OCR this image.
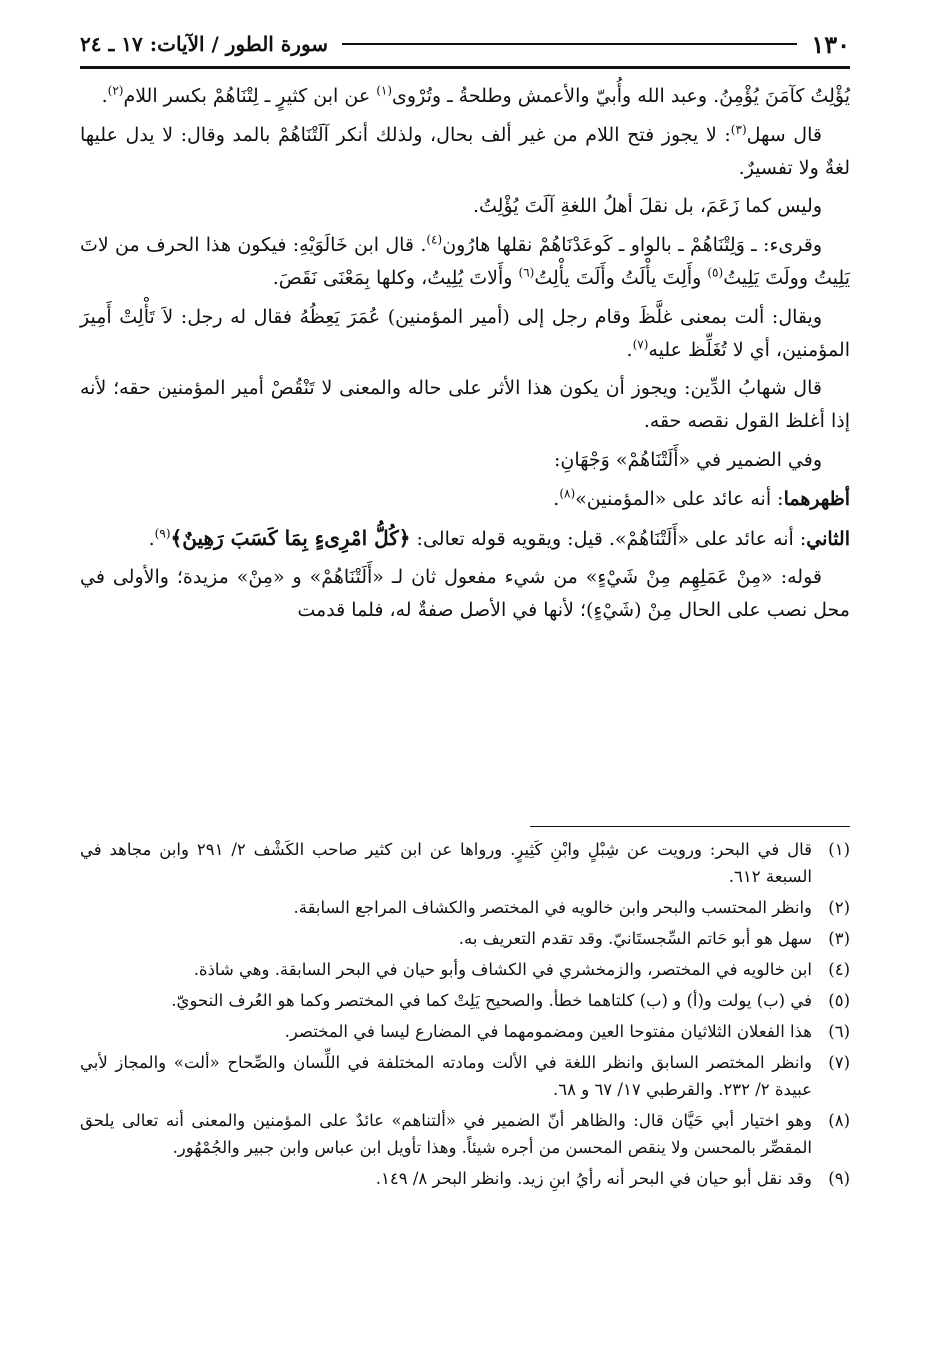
١٣٠
سورة الطور / الآيات: ١٧ ـ ٢٤

يُؤْلِتُ كآمَنَ يُؤْمِنُ. وعبد الله وأُبيّ والأعمش وطلحةُ ـ وتُرْوى$^{(١)}$ عن ابن كثيرٍ ـ لِتْنَاهُمْ بكسر اللام$^{(٢)}$.

قال سهل$^{(٣)}$: لا يجوز فتح اللام من غير ألف بحال، ولذلك أنكر آلَتْنَاهُمْ بالمد وقال: لا يدل عليها لغةٌ ولا تفسيرٌ.

وليس كما زَعَمَ، بل نقلَ أهلُ اللغةِ آلَتَ يُؤْلِتُ.

وقرىء: ـ وَلِتْنَاهُمْ ـ بالواو ـ كَوعَدْنَاهُمْ نقلها هارُون$^{(٤)}$. قال ابن خَالَوَيْهِ: فيكون هذا الحرف من لاتَ يَلِيتُ وولَتَ يَلِيتُ$^{(٥)}$ وأَلِتَ يأْلَتُ وأَلَتَ يأْلِتُ$^{(٦)}$ وأَلاتَ يُلِيتُ، وكلها بِمَعْنَى نَقَصَ.

ويقال: ألت بمعنى غلَّظَ وقام رجل إلى (أمير المؤمنين) عُمَرَ يَعِظُهُ فقال له رجل: لاَ تَأْلِتْ أَمِيرَ المؤمنين، أي لا تُغَلِّظ عليه$^{(٧)}$.

قال شهابُ الدِّين: ويجوز أن يكون هذا الأثر على حاله والمعنى لا تَنْقُصْ أمير المؤمنين حقه؛ لأنه إذا أغلظ القول نقصه حقه.

وفي الضمير في «أَلَتْنَاهُمْ» وَجْهَانِ:

أظهرهما: أنه عائد على «المؤمنين»$^{(٨)}$.

الثاني: أنه عائد على «أَلَتْنَاهُمْ». قيل: ويقويه قوله تعالى: ﴿كُلُّ امْرِىءٍ بِمَا كَسَبَ رَهِينٌ﴾$^{(٩)}$.

قوله: «مِنْ عَمَلِهِم مِنْ شَيْءٍ» من شيء مفعول ثان لـ «أَلَتْنَاهُمْ» و «مِنْ» مزيدة؛ والأولى في محل نصب على الحال مِنْ (شَيْءٍ)؛ لأنها في الأصل صفةٌ له، فلما قدمت

(١)
قال في البحر: ورويت عن شِبْلٍ وابْنِ كَثِيرٍ. ورواها عن ابن كثير صاحب الكَشْف ٢/ ٢٩١ وابن مجاهد في السبعة ٦١٢.
(٢)
وانظر المحتسب والبحر وابن خالويه في المختصر والكشاف المراجع السابقة.
(٣)
سهل هو أبو حَاتم السِّجستَانيّ. وقد تقدم التعريف به.
(٤)
ابن خالويه في المختصر، والزمخشري في الكشاف وأبو حيان في البحر السابقة. وهي شاذة.
(٥)
في (ب) يولت و(أ) و (ب) كلتاهما خطأ. والصحيح يَلِتْ كما في المختصر وكما هو العُرف النحويّ.
(٦)
هذا الفعلان الثلاثيان مفتوحا العين ومضمومهما في المضارع ليسا في المختصر.
(٧)
وانظر المختصر السابق وانظر اللغة في الألت ومادته المختلفة في اللِّسان والصِّحاح «ألت» والمجاز لأبي عبيدة ٢/ ٢٣٢. والقرطبي ١٧/ ٦٧ و ٦٨.
(٨)
وهو اختيار أبي حَيَّان قال: والظاهر أنّ الضمير في «ألتناهم» عائدٌ على المؤمنين والمعنى أنه تعالى يلحق المقصِّر بالمحسن ولا ينقص المحسن من أجره شيئاً. وهذا تأويل ابن عباس وابن جبير والجُمْهُور.
(٩)
وقد نقل أبو حيان في البحر أنه رأيُ ابنِ زيد. وانظر البحر ٨/ ١٤٩.
